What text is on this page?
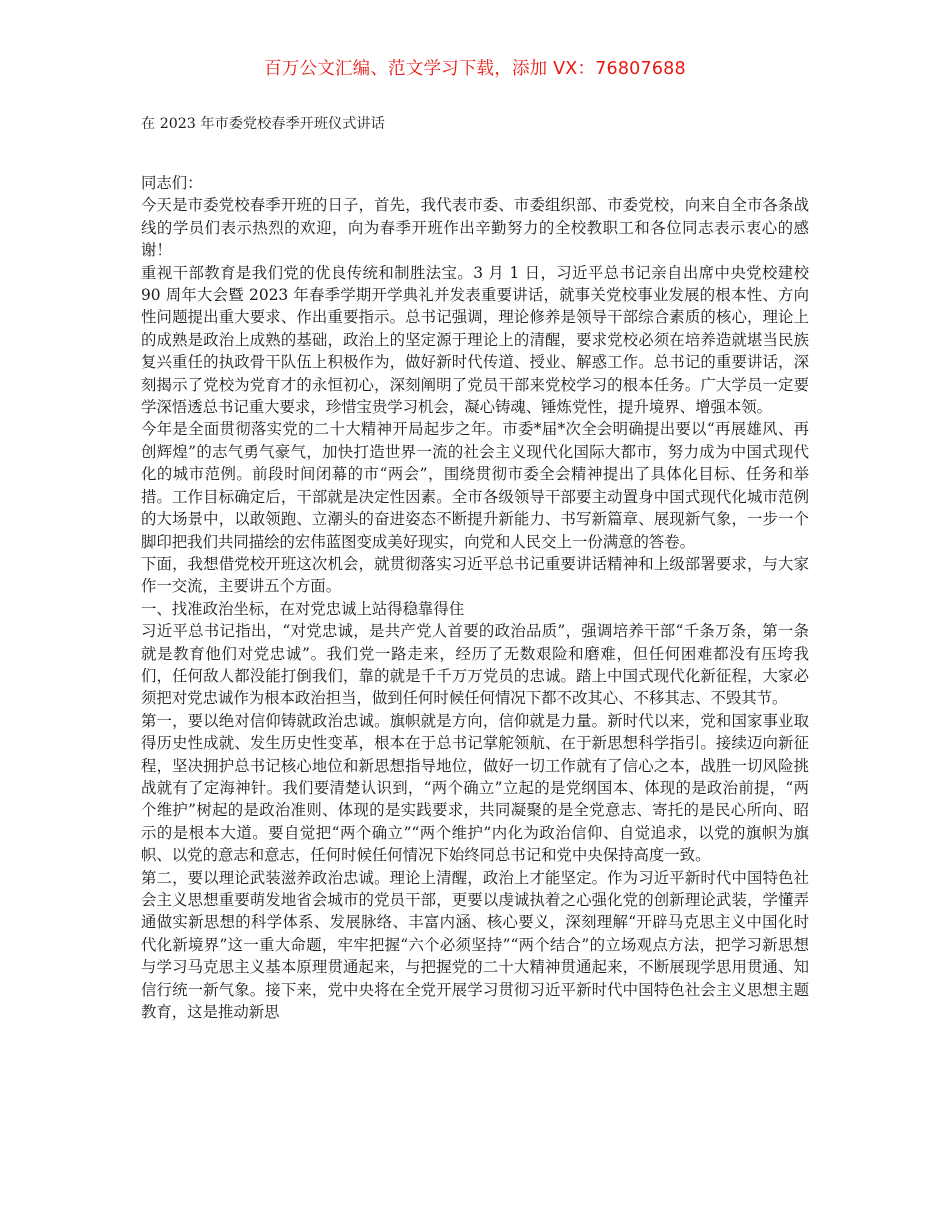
百万公文汇编、范文学习下载，添加 VX：76807688
在 2023 年市委党校春季开班仪式讲话

同志们：

今天是市委党校春季开班的日子，首先，我代表市委、市委组织部、市委党校，向来自全市各条战线的学员们表示热烈的欢迎，向为春季开班作出辛勤努力的全校教职工和各位同志表示衷心的感谢！

重视干部教育是我们党的优良传统和制胜法宝。3 月 1 日，习近平总书记亲自出席中央党校建校 90 周年大会暨 2023 年春季学期开学典礼并发表重要讲话，就事关党校事业发展的根本性、方向性问题提出重大要求、作出重要指示。总书记强调，理论修养是领导干部综合素质的核心，理论上的成熟是政治上成熟的基础，政治上的坚定源于理论上的清醒，要求党校必须在培养造就堪当民族复兴重任的执政骨干队伍上积极作为，做好新时代传道、授业、解惑工作。总书记的重要讲话，深刻揭示了党校为党育才的永恒初心，深刻阐明了党员干部来党校学习的根本任务。广大学员一定要学深悟透总书记重大要求，珍惜宝贵学习机会，凝心铸魂、锤炼党性，提升境界、增强本领。

今年是全面贯彻落实党的二十大精神开局起步之年。市委*届*次全会明确提出要以“再展雄风、再创辉煌”的志气勇气豪气，加快打造世界一流的社会主义现代化国际大都市，努力成为中国式现代化的城市范例。前段时间闭幕的市“两会”，围绕贯彻市委全会精神提出了具体化目标、任务和举措。工作目标确定后，干部就是决定性因素。全市各级领导干部要主动置身中国式现代化城市范例的大场景中，以敢领跑、立潮头的奋进姿态不断提升新能力、书写新篇章、展现新气象，一步一个脚印把我们共同描绘的宏伟蓝图变成美好现实，向党和人民交上一份满意的答卷。

下面，我想借党校开班这次机会，就贯彻落实习近平总书记重要讲话精神和上级部署要求，与大家作一交流，主要讲五个方面。

一、找准政治坐标，在对党忠诚上站得稳靠得住

习近平总书记指出，“对党忠诚，是共产党人首要的政治品质”，强调培养干部“千条万条，第一条就是教育他们对党忠诚”。我们党一路走来，经历了无数艰险和磨难，但任何困难都没有压垮我们，任何敌人都没能打倒我们，靠的就是千千万万党员的忠诚。踏上中国式现代化新征程，大家必须把对党忠诚作为根本政治担当，做到任何时候任何情况下都不改其心、不移其志、不毁其节。

第一，要以绝对信仰铸就政治忠诚。旗帜就是方向，信仰就是力量。新时代以来，党和国家事业取得历史性成就、发生历史性变革，根本在于总书记掌舵领航、在于新思想科学指引。接续迈向新征程，坚决拥护总书记核心地位和新思想指导地位，做好一切工作就有了信心之本，战胜一切风险挑战就有了定海神针。我们要清楚认识到，“两个确立”立起的是党纲国本、体现的是政治前提，“两个维护”树起的是政治准则、体现的是实践要求，共同凝聚的是全党意志、寄托的是民心所向、昭示的是根本大道。要自觉把“两个确立”“两个维护”内化为政治信仰、自觉追求，以党的旗帜为旗帜、以党的意志和意志，任何时候任何情况下始终同总书记和党中央保持高度一致。

第二，要以理论武装滋养政治忠诚。理论上清醒，政治上才能坚定。作为习近平新时代中国特色社会主义思想重要萌发地省会城市的党员干部，更要以虔诚执着之心强化党的创新理论武装，学懂弄通做实新思想的科学体系、发展脉络、丰富内涵、核心要义，深刻理解“开辟马克思主义中国化时代化新境界”这一重大命题，牢牢把握“六个必须坚持”“两个结合”的立场观点方法，把学习新思想与学习马克思主义基本原理贯通起来，与把握党的二十大精神贯通起来，不断展现学思用贯通、知信行统一新气象。接下来，党中央将在全党开展学习贯彻习近平新时代中国特色社会主义思想主题教育，这是推动新思
